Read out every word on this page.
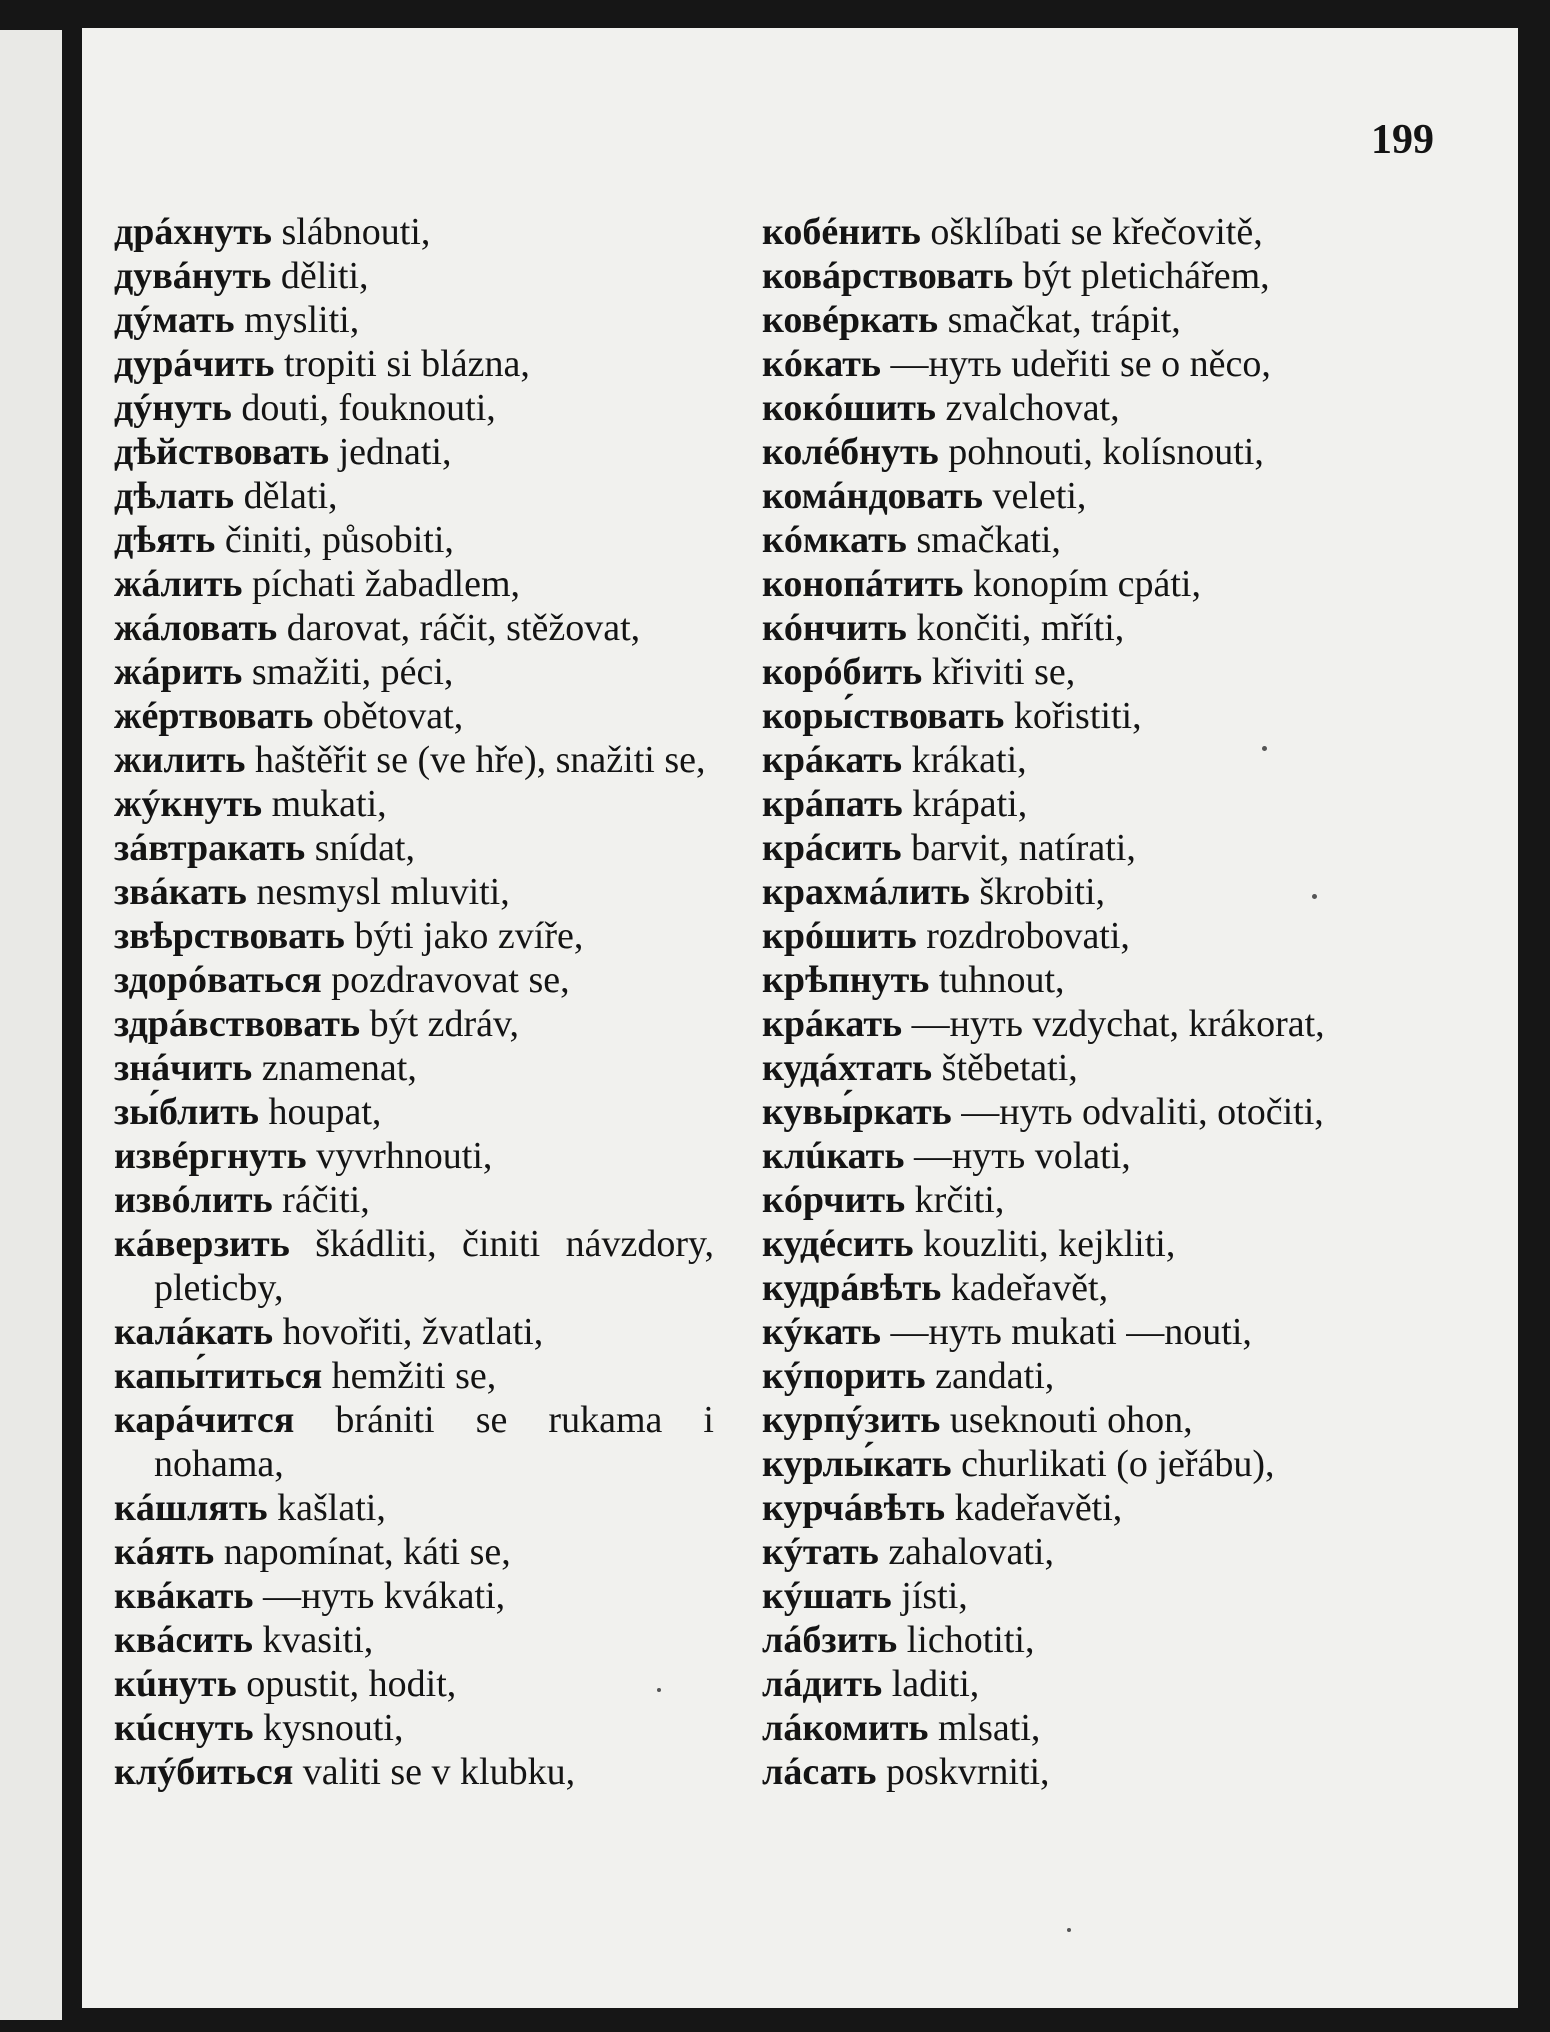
199

дрáхнуть slábnouti,

дувáнуть děliti,

дýмать mysliti,

дурáчить tropiti si blázna,

дýнуть douti, fouknouti,

дѣйствовать jednati,

дѣлать dělati,

дѣять činiti, působiti,

жáлить píchati žabadlem,

жáловать darovat, ráčit, stěžovat,

жáрить smažiti, péci,

жéртвовать obětovat,

жилить haštěřit se (ve hře), snažiti se,

жýкнуть mukati,

зáвтракать snídat,

звáкать nesmysl mluviti,

звѣрствовать býti jako zvíře,

здорóваться pozdravovat se,

здрáвствовать být zdráv,

знáчить znamenat,

зы́блить houpat,

извéргнуть vyvrhnouti,

извóлить ráčiti,

кáверзить škádliti, činiti návzdory, pleticby,

калáкать hovořiti, žvatlati,

капы́титься hemžiti se,

карáчится brániti se rukama i nohama,

кáшлять kašlati,

кáять napomínat, káti se,

квáкать —нуть kvákati,

квáсить kvasiti,

кúнуть opustit, hodit,

кúснуть kysnouti,

клýбиться valiti se v klubku,

кобéнить ošklíbati se křečovitě,

ковáрствовать být pletichářem,

ковéркать smačkat, trápit,

кóкать —нуть udeřiti se o něco,

кокóшить zvalchovat,

колéбнуть pohnouti, kolísnouti,

комáндовать veleti,

кóмкать smačkati,

конопáтить konopím cpáti,

кóнчить končiti, mříti,

корóбить křiviti se,

коры́ствовать kořistiti,

крáкать krákati,

крáпать krápati,

крáсить barvit, natírati,

крахмáлить škrobiti,

крóшить rozdrobovati,

крѣпнуть tuhnout,

крáкать —нуть vzdychat, krákorat,

кудáхтать štěbetati,

кувы́ркать —нуть odvaliti, otočiti,

клúкать —нуть volati,

кóрчить krčiti,

кудéсить kouzliti, kejkliti,

кудрáвѣть kadeřavět,

кýкать —нуть mukati —nouti,

кýпорить zandati,

курпýзить useknouti ohon,

курлы́кать churlikati (o jeřábu),

курчáвѣть kadeřavěti,

кýтать zahalovati,

кýшать jísti,

лáбзить lichotiti,

лáдить laditi,

лáкомить mlsati,

лáсать poskvrniti,
